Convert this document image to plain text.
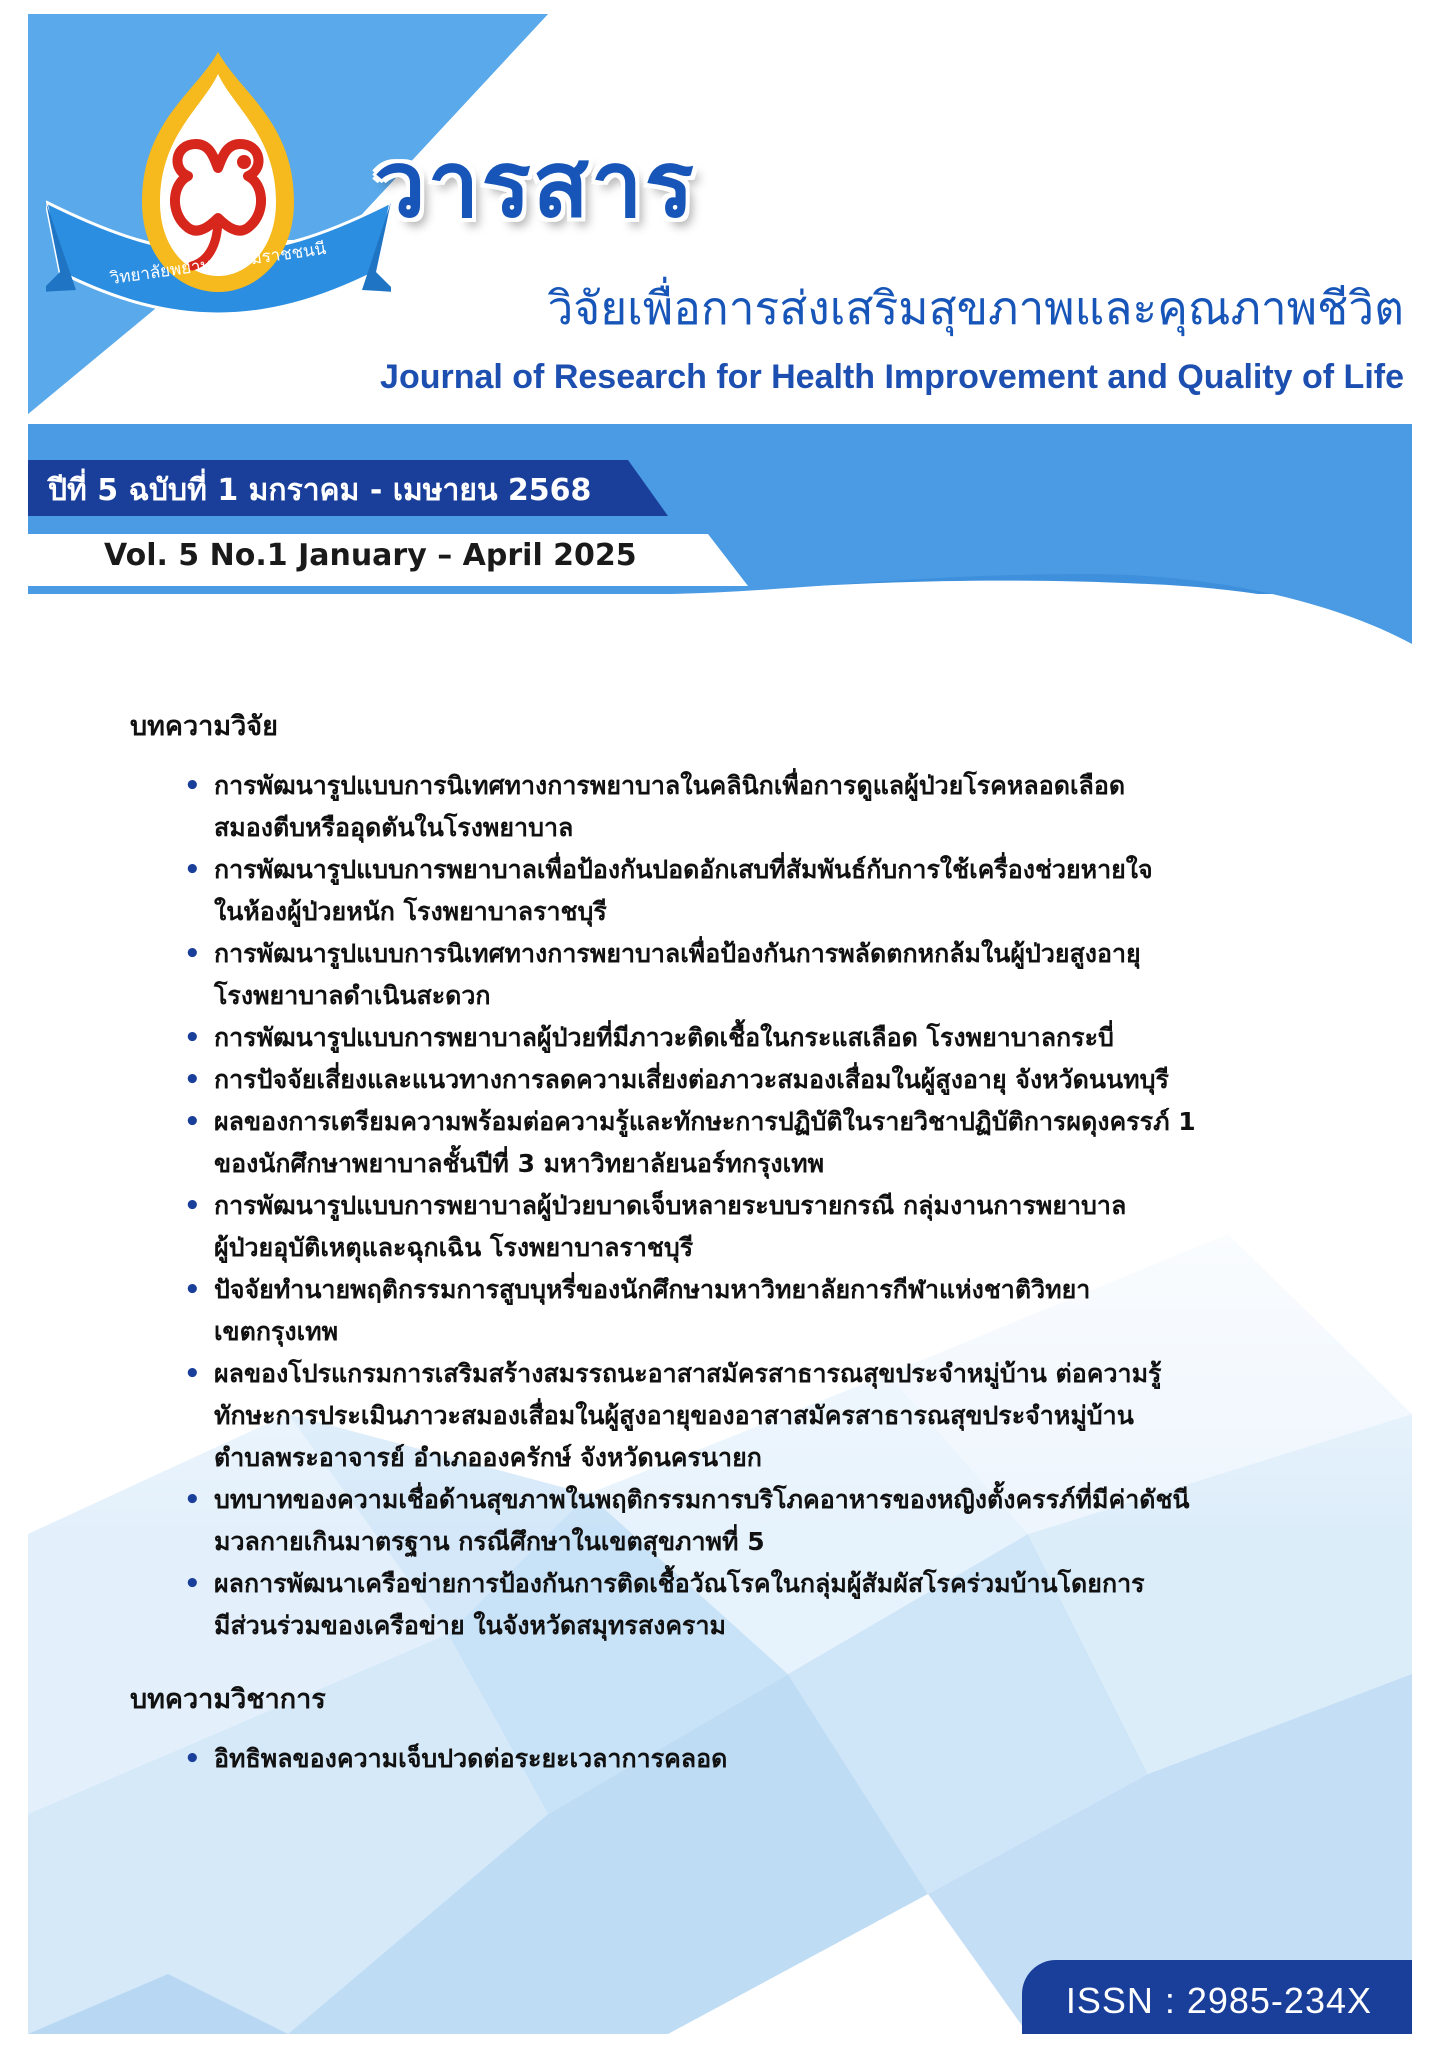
วิทยาลัยพยาบาลบรมราชชนนี
ราชบุรี
วารสาร
วิจัยเพื่อการส่งเสริมสุขภาพและคุณภาพชีวิต
Journal of Research for Health Improvement and Quality of Life
ปีที่ 5 ฉบับที่ 1 มกราคม - เมษายน 2568
Vol. 5 No.1 January – April 2025
บทความวิจัย
• การพัฒนารูปแบบการนิเทศทางการพยาบาลในคลินิกเพื่อการดูแลผู้ป่วยโรคหลอดเลือด
สมองตีบหรืออุดตันในโรงพยาบาล
• การพัฒนารูปแบบการพยาบาลเพื่อป้องกันปอดอักเสบที่สัมพันธ์กับการใช้เครื่องช่วยหายใจ
ในห้องผู้ป่วยหนัก โรงพยาบาลราชบุรี
• การพัฒนารูปแบบการนิเทศทางการพยาบาลเพื่อป้องกันการพลัดตกหกล้มในผู้ป่วยสูงอายุ
โรงพยาบาลดำเนินสะดวก
• การพัฒนารูปแบบการพยาบาลผู้ป่วยที่มีภาวะติดเชื้อในกระแสเลือด โรงพยาบาลกระบี่
• การปัจจัยเสี่ยงและแนวทางการลดความเสี่ยงต่อภาวะสมองเสื่อมในผู้สูงอายุ จังหวัดนนทบุรี
• ผลของการเตรียมความพร้อมต่อความรู้และทักษะการปฏิบัติในรายวิชาปฏิบัติการผดุงครรภ์ 1
ของนักศึกษาพยาบาลชั้นปีที่ 3 มหาวิทยาลัยนอร์ทกรุงเทพ
• การพัฒนารูปแบบการพยาบาลผู้ป่วยบาดเจ็บหลายระบบรายกรณี กลุ่มงานการพยาบาล
ผู้ป่วยอุบัติเหตุและฉุกเฉิน โรงพยาบาลราชบุรี
• ปัจจัยทำนายพฤติกรรมการสูบบุหรี่ของนักศึกษามหาวิทยาลัยการกีฬาแห่งชาติวิทยา
เขตกรุงเทพ
• ผลของโปรแกรมการเสริมสร้างสมรรถนะอาสาสมัครสาธารณสุขประจำหมู่บ้าน ต่อความรู้
ทักษะการประเมินภาวะสมองเสื่อมในผู้สูงอายุของอาสาสมัครสาธารณสุขประจำหมู่บ้าน
ตำบลพระอาจารย์ อำเภอองครักษ์ จังหวัดนครนายก
• บทบาทของความเชื่อด้านสุขภาพในพฤติกรรมการบริโภคอาหารของหญิงตั้งครรภ์ที่มีค่าดัชนี
มวลกายเกินมาตรฐาน กรณีศึกษาในเขตสุขภาพที่ 5
• ผลการพัฒนาเครือข่ายการป้องกันการติดเชื้อวัณโรคในกลุ่มผู้สัมผัสโรคร่วมบ้านโดยการ
มีส่วนร่วมของเครือข่าย ในจังหวัดสมุทรสงคราม
บทความวิชาการ
• อิทธิพลของความเจ็บปวดต่อระยะเวลาการคลอด
ISSN : 2985-234X
